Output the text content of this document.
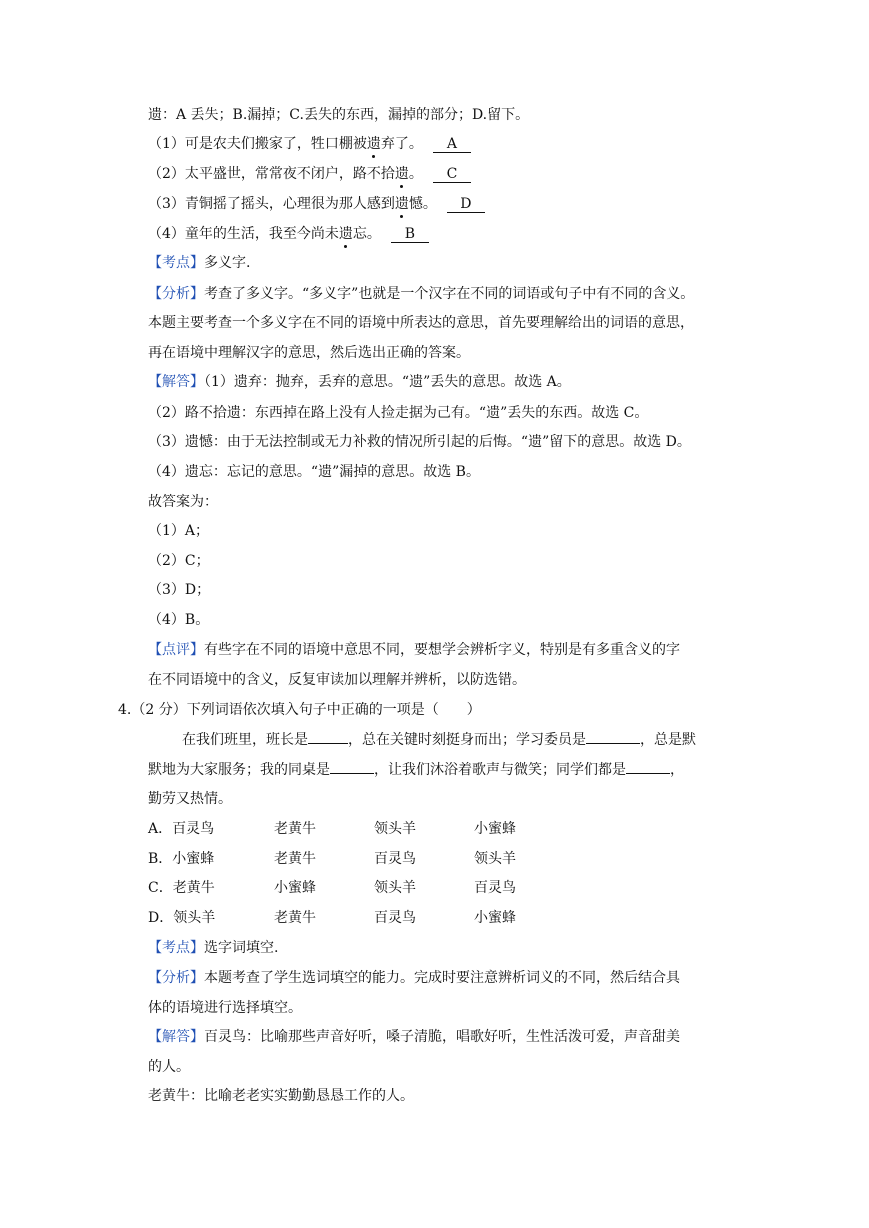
遗：A 丢失；B.漏掉；C.丢失的东西，漏掉的部分；D.留下。
（1）可是农夫们搬家了，牲口棚被遗弃了。 A
（2）太平盛世，常常夜不闭户，路不拾遗。 C
（3）青铜摇了摇头，心理很为那人感到遗憾。 D
（4）童年的生活，我至今尚未遗忘。 B
【考点】多义字.
【分析】考查了多义字。“多义字”也就是一个汉字在不同的词语或句子中有不同的含义。
本题主要考查一个多义字在不同的语境中所表达的意思，首先要理解给出的词语的意思，
再在语境中理解汉字的意思，然后选出正确的答案。
【解答】（1）遗弃：抛弃，丢弃的意思。“遗”丢失的意思。故选 A。
（2）路不拾遗：东西掉在路上没有人捡走据为己有。“遗”丢失的东西。故选 C。
（3）遗憾：由于无法控制或无力补救的情况所引起的后悔。“遗”留下的意思。故选 D。
（4）遗忘：忘记的意思。“遗”漏掉的意思。故选 B。
故答案为：
（1）A；
（2）C；
（3）D；
（4）B。
【点评】有些字在不同的语境中意思不同，要想学会辨析字义，特别是有多重含义的字
在不同语境中的含义，反复审读加以理解并辨析，以防选错。
4.（2 分）下列词语依次填入句子中正确的一项是（　　）
在我们班里，班长是	，总在关键时刻挺身而出；学习委员是	，总是默
默地为大家服务；我的同桌是	，让我们沐浴着歌声与微笑；同学们都是	，
勤劳又热情。
A．百灵鸟	老黄牛	领头羊	小蜜蜂
B．小蜜蜂	老黄牛	百灵鸟	领头羊
C．老黄牛	小蜜蜂	领头羊	百灵鸟
D．领头羊	老黄牛	百灵鸟	小蜜蜂
【考点】选字词填空.
【分析】本题考查了学生选词填空的能力。完成时要注意辨析词义的不同，然后结合具
体的语境进行选择填空。
【解答】百灵鸟：比喻那些声音好听，嗓子清脆，唱歌好听，生性活泼可爱，声音甜美
的人。
老黄牛：比喻老老实实勤勤恳恳工作的人。
